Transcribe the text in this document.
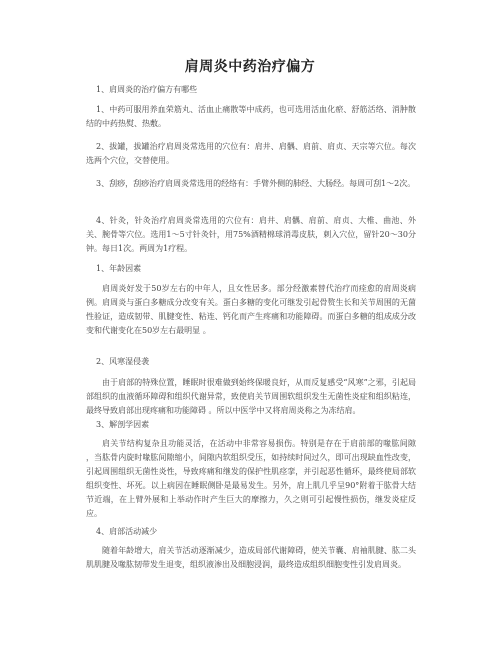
肩周炎中药治疗偏方
1、肩周炎的治疗偏方有哪些
1、中药可服用养血荣筋丸、活血止痛散等中成药，也可选用活血化瘀、舒筋活络、消肿散结的中药热熨、热敷。
2、拔罐，拔罐治疗肩周炎常选用的穴位有：肩井、肩髃、肩前、肩贞、天宗等穴位。每次选两个穴位，交替使用。
3、刮痧，刮痧治疗肩周炎常选用的经络有：手臂外侧的肺经、大肠经。每周可刮1～2次。
4、针灸，针灸治疗肩周炎常选用的穴位有：肩井、肩髃、肩前、肩贞、大椎、曲池、外关、腕骨等穴位。选用1～5寸针灸针，用75%酒精棉球消毒皮肤，刺入穴位，留针20～30分钟。每日1次。两周为1疗程。
1、年龄因素
肩周炎好发于50岁左右的中年人，且女性居多。部分经激素替代治疗而痊愈的肩周炎病例。肩周炎与蛋白多糖成分改变有关。蛋白多糖的变化可继发引起骨赘生长和关节周围的无菌性验证，造成韧带、肌腱变性、粘连、钙化而产生疼痛和功能障碍。而蛋白多糖的组成成分改变和代谢变化在50岁左右最明显 。
2、风寒湿侵袭
由于肩部的特殊位置，睡眠时很难做到始终保暖良好，从而反复感受“风寒”之邪，引起局部组织的血液循环障碍和组织代谢异常，致使肩关节周围软组织发生无菌性炎症和组织粘连，最终导致肩部出现疼痛和功能障碍 。所以中医学中又将肩周炎称之为冻结肩。
3、解剖学因素
肩关节结构复杂且功能灵活，在活动中非常容易损伤。特别是存在于肩前部的喙肱间隙 ，当肱骨内旋时喙肱间隙缩小，间隙内软组织受压，如持续时间过久，即可出现缺血性改变，引起周围组织无菌性炎性，导致疼痛和继发的保护性肌痉挛，并引起恶性循环，最终使局部软组织变性、坏死。以上病因在睡眠侧卧是最易发生。另外，肩上肌几乎呈90°附着于肱骨大结节近端，在上臂外展和上举动作时产生巨大的摩擦力，久之则可引起慢性损伤，继发炎症反应。
4、肩部活动减少
随着年龄增大，肩关节活动逐渐减少，造成局部代谢障碍，使关节囊、肩袖肌腱、肱二头肌肌腱及喙肱韧带发生退变，组织液渗出及细胞浸润，最终造成组织细胞变性引发肩周炎。
